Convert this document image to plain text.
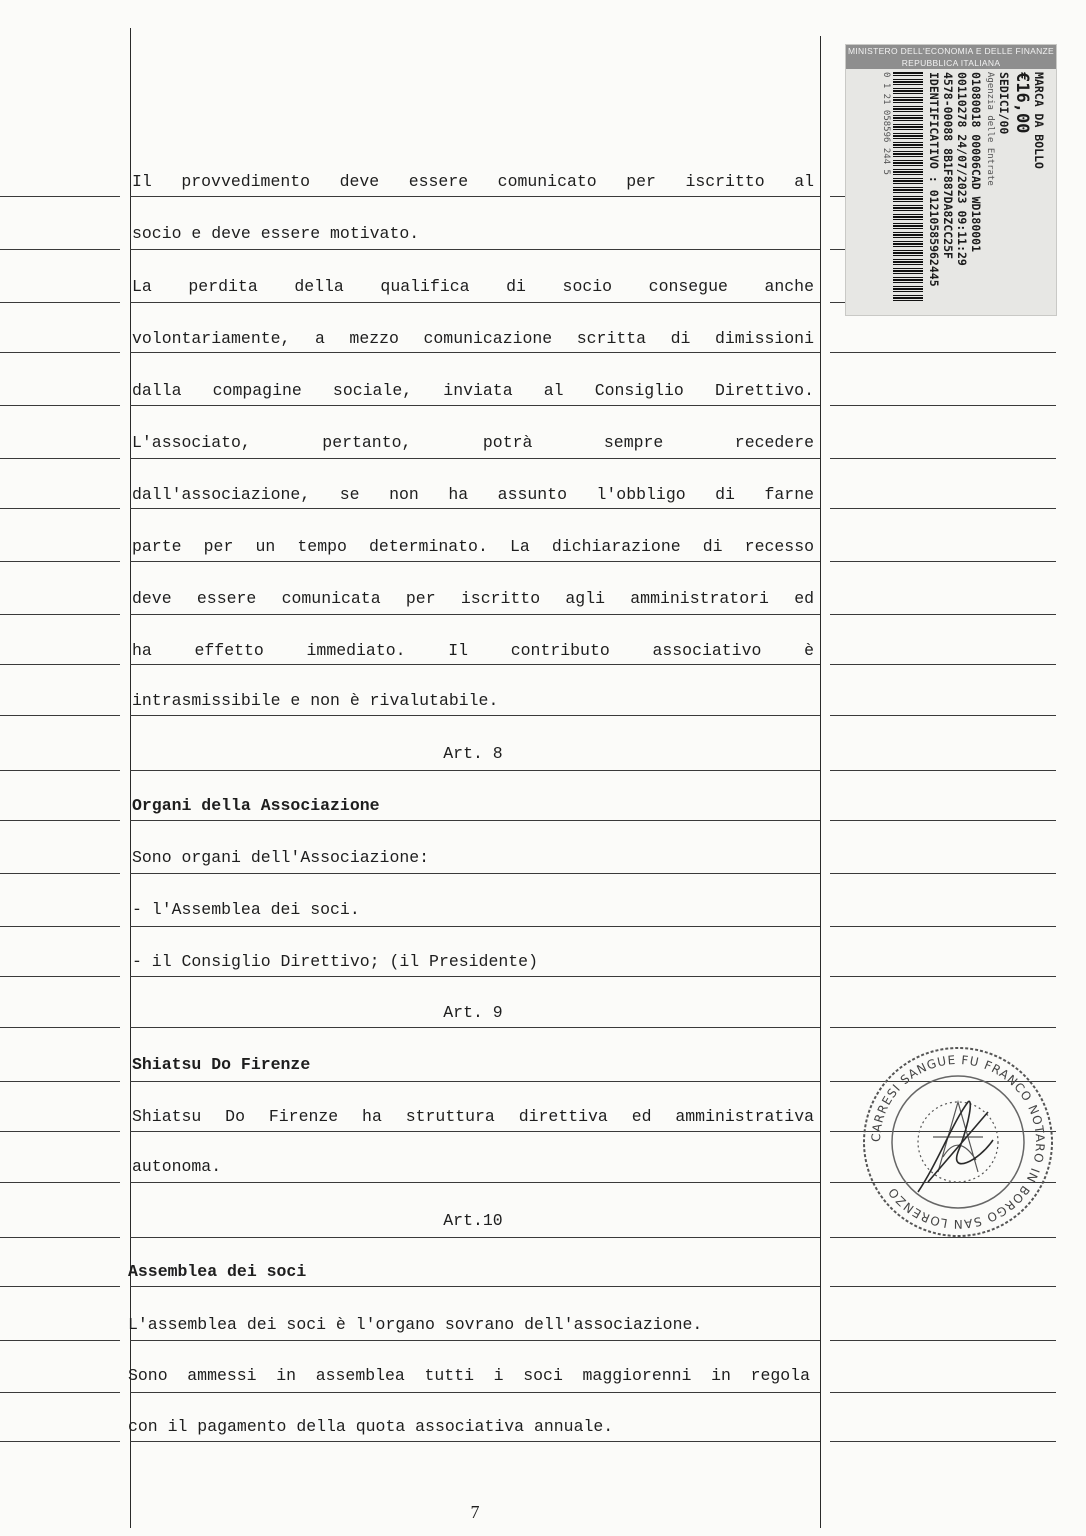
MINISTERO DELL'ECONOMIA E DELLE FINANZE
REPUBBLICA ITALIANA
MARCA DA BOLLO
€16,00
SEDICI/00
Agenzia delle Entrate
01080018 00006CAD WD180001
00110278 24/07/2023 09:11:29
4578-00088 8B1F887DA8ZCC25F
IDENTIFICATIVO : 01210585962445
0 1 21 058596 244 5
Il provvedimento deve essere comunicato per iscritto al
socio e deve essere motivato.
La perdita della qualifica di socio consegue anche
volontariamente, a mezzo comunicazione scritta di dimissioni
dalla compagine sociale, inviata al Consiglio Direttivo.
L'associato, pertanto, potrà sempre recedere
dall'associazione, se non ha assunto l'obbligo di farne
parte per un tempo determinato. La dichiarazione di recesso
deve essere comunicata per iscritto agli amministratori ed
ha effetto immediato. Il contributo associativo è
intrasmissibile e non è rivalutabile.
Art. 8
Organi della Associazione
Sono organi dell'Associazione:
- l'Assemblea dei soci.
- il Consiglio Direttivo; (il Presidente)
Art. 9
Shiatsu Do Firenze
Shiatsu Do Firenze ha struttura direttiva ed amministrativa
autonoma.
Art.10
Assemblea dei soci
L'assemblea dei soci è l'organo sovrano dell'associazione.
Sono ammessi in assemblea tutti i soci maggiorenni in regola
con il pagamento della quota associativa annuale.
CARRESI SANGUE FU FRANCO NOTARO IN BORGO SAN LORENZO
7
